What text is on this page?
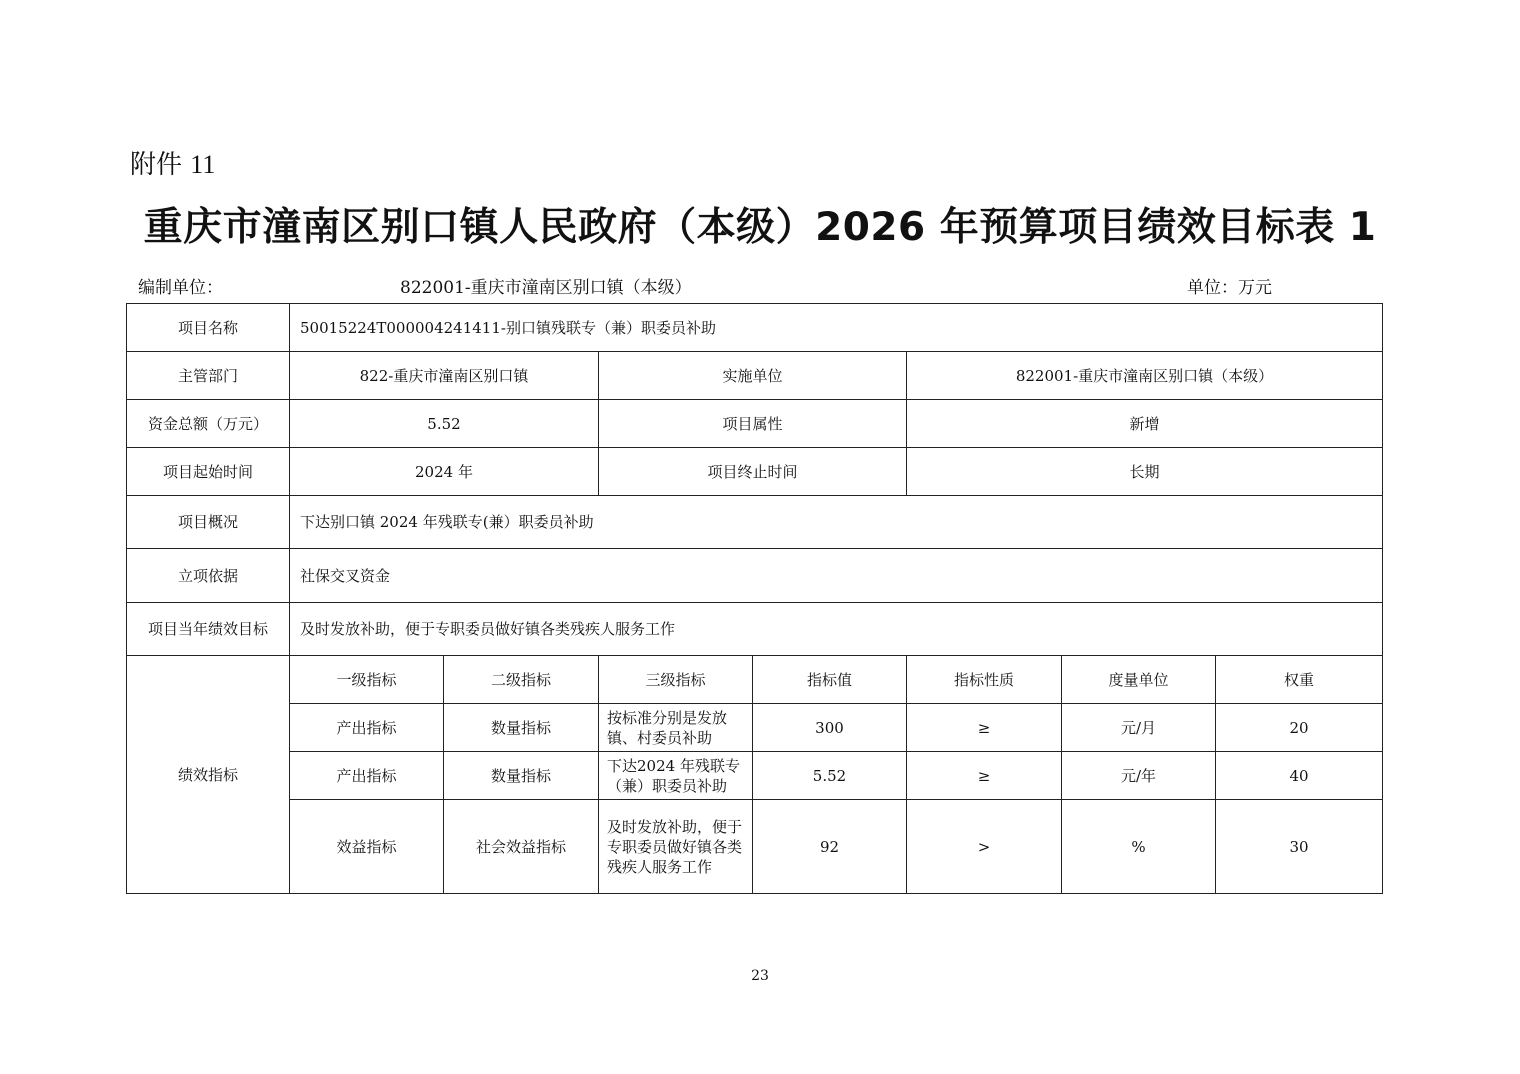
附件 11
重庆市潼南区别口镇人民政府（本级）2026 年预算项目绩效目标表 1
编制单位：	822001-重庆市潼南区别口镇（本级）	单位：万元
项目名称	50015224T000004241411-别口镇残联专（兼）职委员补助						
主管部门	822-重庆市潼南区别口镇		实施单位		822001-重庆市潼南区别口镇（本级）		
资金总额（万元）	5.52		项目属性		新增		
项目起始时间	2024 年		项目终止时间		长期		
项目概况	下达别口镇 2024 年残联专(兼）职委员补助						
立项依据	社保交叉资金						
项目当年绩效目标	及时发放补助，便于专职委员做好镇各类残疾人服务工作						
绩效指标	一级指标	二级指标	三级指标	指标值	指标性质	度量单位	权重
	产出指标	数量指标	按标准分别是发放镇、村委员补助	300	≥	元/月	20
	产出指标	数量指标	下达2024 年残联专（兼）职委员补助	5.52	≥	元/年	40
	效益指标	社会效益指标	及时发放补助，便于专职委员做好镇各类残疾人服务工作	92	>	%	30
23
